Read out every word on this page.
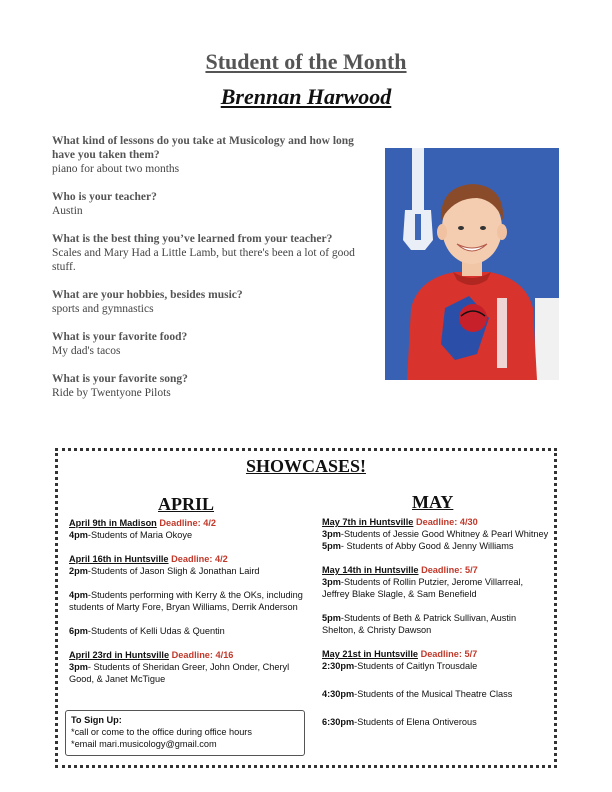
Student of the Month
Brennan Harwood
What kind of lessons do you take at Musicology and how long have you taken them?
piano for about two months
Who is your teacher?
Austin
What is the best thing you’ve learned from your teacher?
Scales and Mary Had a Little Lamb, but there's been a lot of good stuff.
What are your hobbies, besides music?
sports and gymnastics
What is your favorite food?
My dad's tacos
What is your favorite song?
Ride by Twentyone Pilots
SHOWCASES!
APRIL	MAY

April 9th in Madison Deadline: 4/2

4pm-Students of Maria Okoye

April 16th in Huntsville Deadline: 4/2

2pm-Students of Jason Sligh & Jonathan Laird

4pm-Students performing with Kerry & the OKs, including students of Marty Fore, Bryan Williams, Derrik Anderson

6pm-Students of Kelli Udas & Quentin

April 23rd in Huntsville Deadline: 4/16

3pm- Students of Sheridan Greer, John Onder, Cheryl Good, & Janet McTigue

May 7th in Huntsville Deadline: 4/30

3pm-Students of Jessie Good Whitney & Pearl Whitney

5pm- Students of Abby Good & Jenny Williams

May 14th in Huntsville Deadline: 5/7

3pm-Students of Rollin Putzier, Jerome Villarreal, Jeffrey Blake Slagle, & Sam Benefield

5pm-Students of Beth & Patrick Sullivan, Austin Shelton, & Christy Dawson

May 21st in Huntsville Deadline: 5/7

2:30pm-Students of Caitlyn Trousdale

4:30pm-Students of the Musical Theatre Class

6:30pm-Students of Elena Ontiverous

To Sign Up:
*call or come to the office during office hours
*email mari.musicology@gmail.com
